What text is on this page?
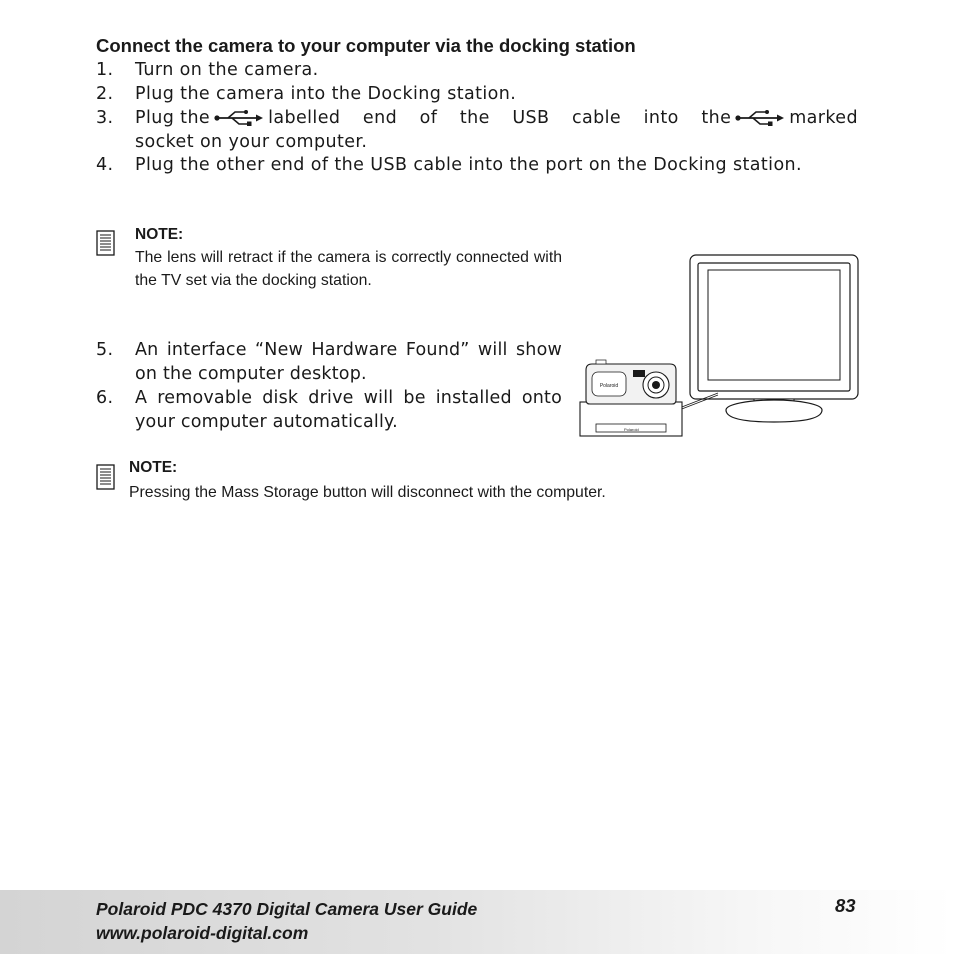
Connect the camera to your computer via the docking station
1. Turn on the camera.
2. Plug the camera into the Docking station.
3. Plug the	labelled end of the USB cable into the	marked
socket on your computer.
4. Plug the other end of the USB cable into the port on the Docking station.
NOTE:
The lens will retract if the camera is correctly connected with the TV set via the docking station.
5. An interface “New Hardware Found” will show on the computer desktop.
6. A removable disk drive will be installed onto your computer automatically.	Polaroid
Polaroid
NOTE:
Pressing the Mass Storage button will disconnect with the computer.
Polaroid PDC 4370 Digital Camera User Guide
www.polaroid-digital.com
83
